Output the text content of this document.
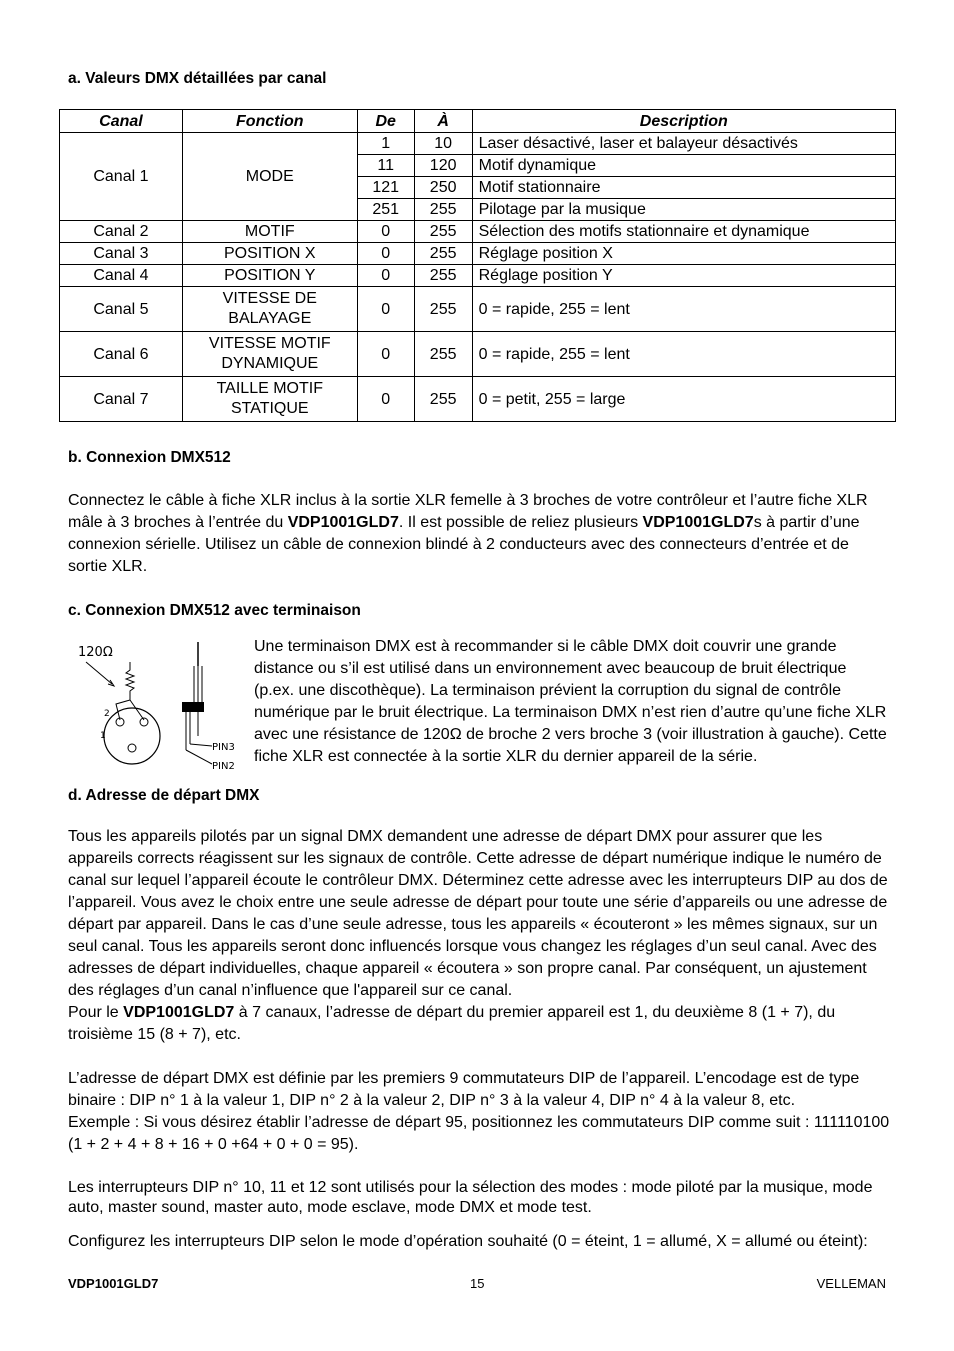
a. Valeurs DMX détaillées par canal
Canal	Fonction	De	À	Description
Canal 1	MODE	1	10	Laser désactivé, laser et balayeur désactivés
		11	120	Motif dynamique
		121	250	Motif stationnaire
		251	255	Pilotage par la musique
Canal 2	MOTIF	0	255	Sélection des motifs stationnaire et dynamique
Canal 3	POSITION X	0	255	Réglage position X
Canal 4	POSITION Y	0	255	Réglage position Y
Canal 5	VITESSE DE BALAYAGE	0	255	0 = rapide, 255 = lent
Canal 6	VITESSE MOTIF DYNAMIQUE	0	255	0 = rapide, 255 = lent
Canal 7	TAILLE MOTIF STATIQUE	0	255	0 = petit, 255 = large
b. Connexion DMX512

Connectez le câble à fiche XLR inclus à la sortie XLR femelle à 3 broches de votre contrôleur et l’autre fiche XLR mâle à 3 broches à l’entrée du VDP1001GLD7. Il est possible de reliez plusieurs VDP1001GLD7s à partir d’une connexion sérielle. Utilisez un câble de connexion blindé à 2 conducteurs avec des connecteurs d’entrée et de sortie XLR.

c. Connexion DMX512 avec terminaison
120Ω
2
1
PIN3
PIN2

Une terminaison DMX est à recommander si le câble DMX doit couvrir une grande distance ou s’il est utilisé dans un environnement avec beaucoup de bruit électrique (p.ex. une discothèque). La terminaison prévient la corruption du signal de contrôle numérique par le bruit électrique. La terminaison DMX n’est rien d’autre qu’une fiche XLR avec une résistance de 120Ω de broche 2 vers broche 3 (voir illustration à gauche). Cette fiche XLR est connectée à la sortie XLR du dernier appareil de la série.

d. Adresse de départ DMX

Tous les appareils pilotés par un signal DMX demandent une adresse de départ DMX pour assurer que les appareils corrects réagissent sur les signaux de contrôle. Cette adresse de départ numérique indique le numéro de canal sur lequel l’appareil écoute le contrôleur DMX. Déterminez cette adresse avec les interrupteurs DIP au dos de l’appareil. Vous avez le choix entre une seule adresse de départ pour toute une série d’appareils ou une adresse de départ par appareil. Dans le cas d’une seule adresse, tous les appareils « écouteront » les mêmes signaux, sur un seul canal. Tous les appareils seront donc influencés lorsque vous changez les réglages d’un seul canal. Avec des adresses de départ individuelles, chaque appareil « écoutera » son propre canal. Par conséquent, un ajustement des réglages d’un canal n’influence que l'appareil sur ce canal.

Pour le VDP1001GLD7 à 7 canaux, l’adresse de départ du premier appareil est 1, du deuxième 8 (1 + 7), du troisième 15 (8 + 7), etc.

L’adresse de départ DMX est définie par les premiers 9 commutateurs DIP de l’appareil. L’encodage est de type binaire : DIP n° 1 à la valeur 1, DIP n° 2 à la valeur 2, DIP n° 3 à la valeur 4, DIP n° 4 à la valeur 8, etc.

Exemple : Si vous désirez établir l’adresse de départ 95, positionnez les commutateurs DIP comme suit : 111110100 (1 + 2 + 4 + 8 + 16 + 0 +64 + 0 + 0 = 95).

Les interrupteurs DIP n° 10, 11 et 12 sont utilisés pour la sélection des modes : mode piloté par la musique, mode auto, master sound, master auto, mode esclave, mode DMX et mode test.

Configurez les interrupteurs DIP selon le mode d’opération souhaité (0 = éteint, 1 = allumé, X = allumé ou éteint):

VDP1001GLD7	15	VELLEMAN
